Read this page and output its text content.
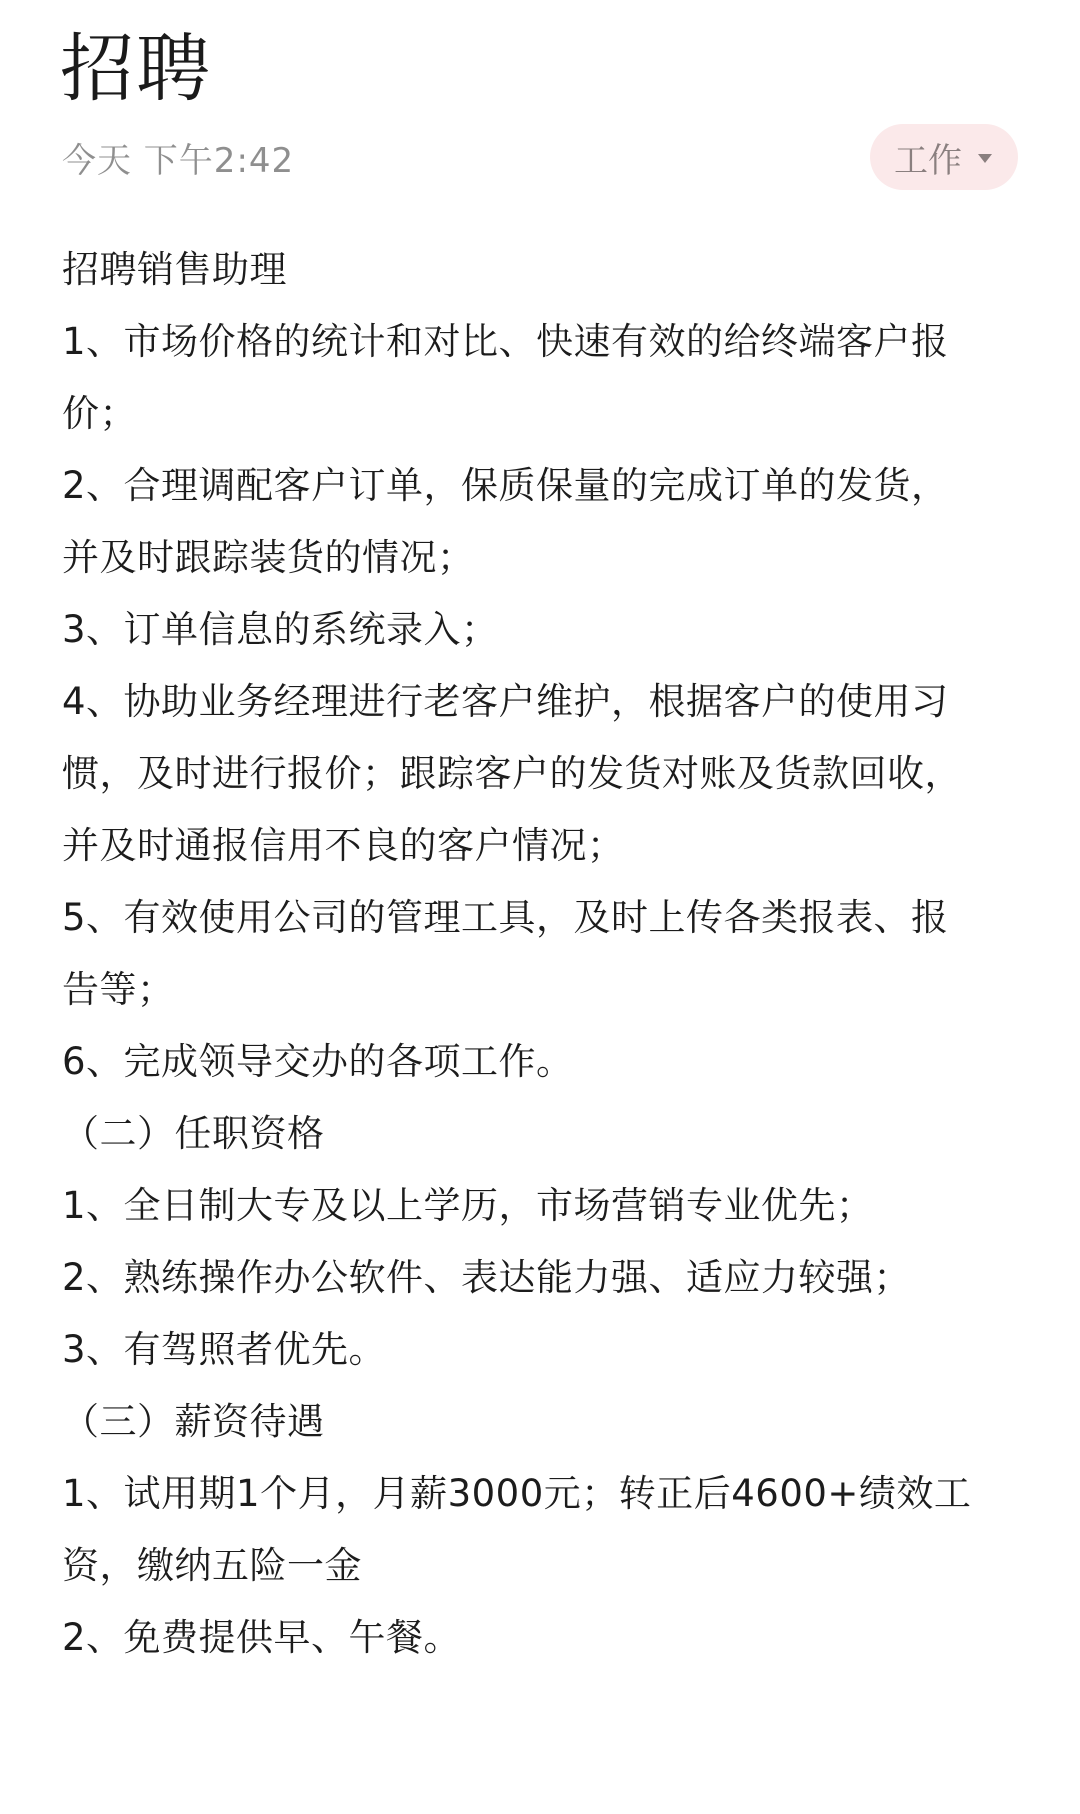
招聘
今天 下午2:42	工作
招聘销售助理
1、市场价格的统计和对比、快速有效的给终端客户报
价；
2、合理调配客户订单，保质保量的完成订单的发货，
并及时跟踪装货的情况；
3、订单信息的系统录入；
4、协助业务经理进行老客户维护，根据客户的使用习
惯，及时进行报价；跟踪客户的发货对账及货款回收，
并及时通报信用不良的客户情况；
5、有效使用公司的管理工具，及时上传各类报表、报
告等；
6、完成领导交办的各项工作。
（二）任职资格
1、全日制大专及以上学历，市场营销专业优先；
2、熟练操作办公软件、表达能力强、适应力较强；
3、有驾照者优先。
（三）薪资待遇
1、试用期1个月，月薪3000元；转正后4600+绩效工
资，缴纳五险一金
2、免费提供早、午餐。
